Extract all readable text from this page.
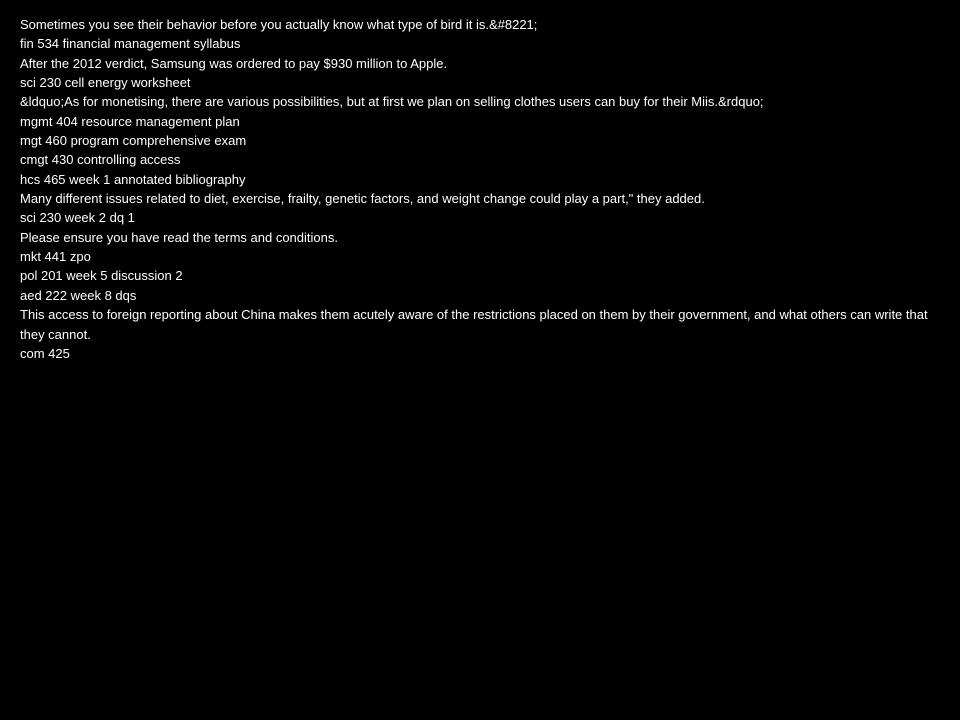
Sometimes you see their behavior before you actually know what type of bird it is.&#8221;

fin 534 financial management syllabus

After the 2012 verdict, Samsung was ordered to pay $930 million to Apple.

sci 230 cell energy worksheet

&ldquo;As for monetising, there are various possibilities, but at first we plan on selling clothes users can buy for their Miis.&rdquo;

mgmt 404 resource management plan

mgt 460 program comprehensive exam

cmgt 430 controlling access

hcs 465 week 1 annotated bibliography

Many different issues related to diet, exercise, frailty, genetic factors, and weight change could play a part," they added.

sci 230 week 2 dq 1

Please ensure you have read the terms and conditions.

mkt 441 zpo

pol 201 week 5 discussion 2

aed 222 week 8 dqs

This access to foreign reporting about China makes them acutely aware of the restrictions placed on them by their government, and what others can write that they cannot.

com 425
